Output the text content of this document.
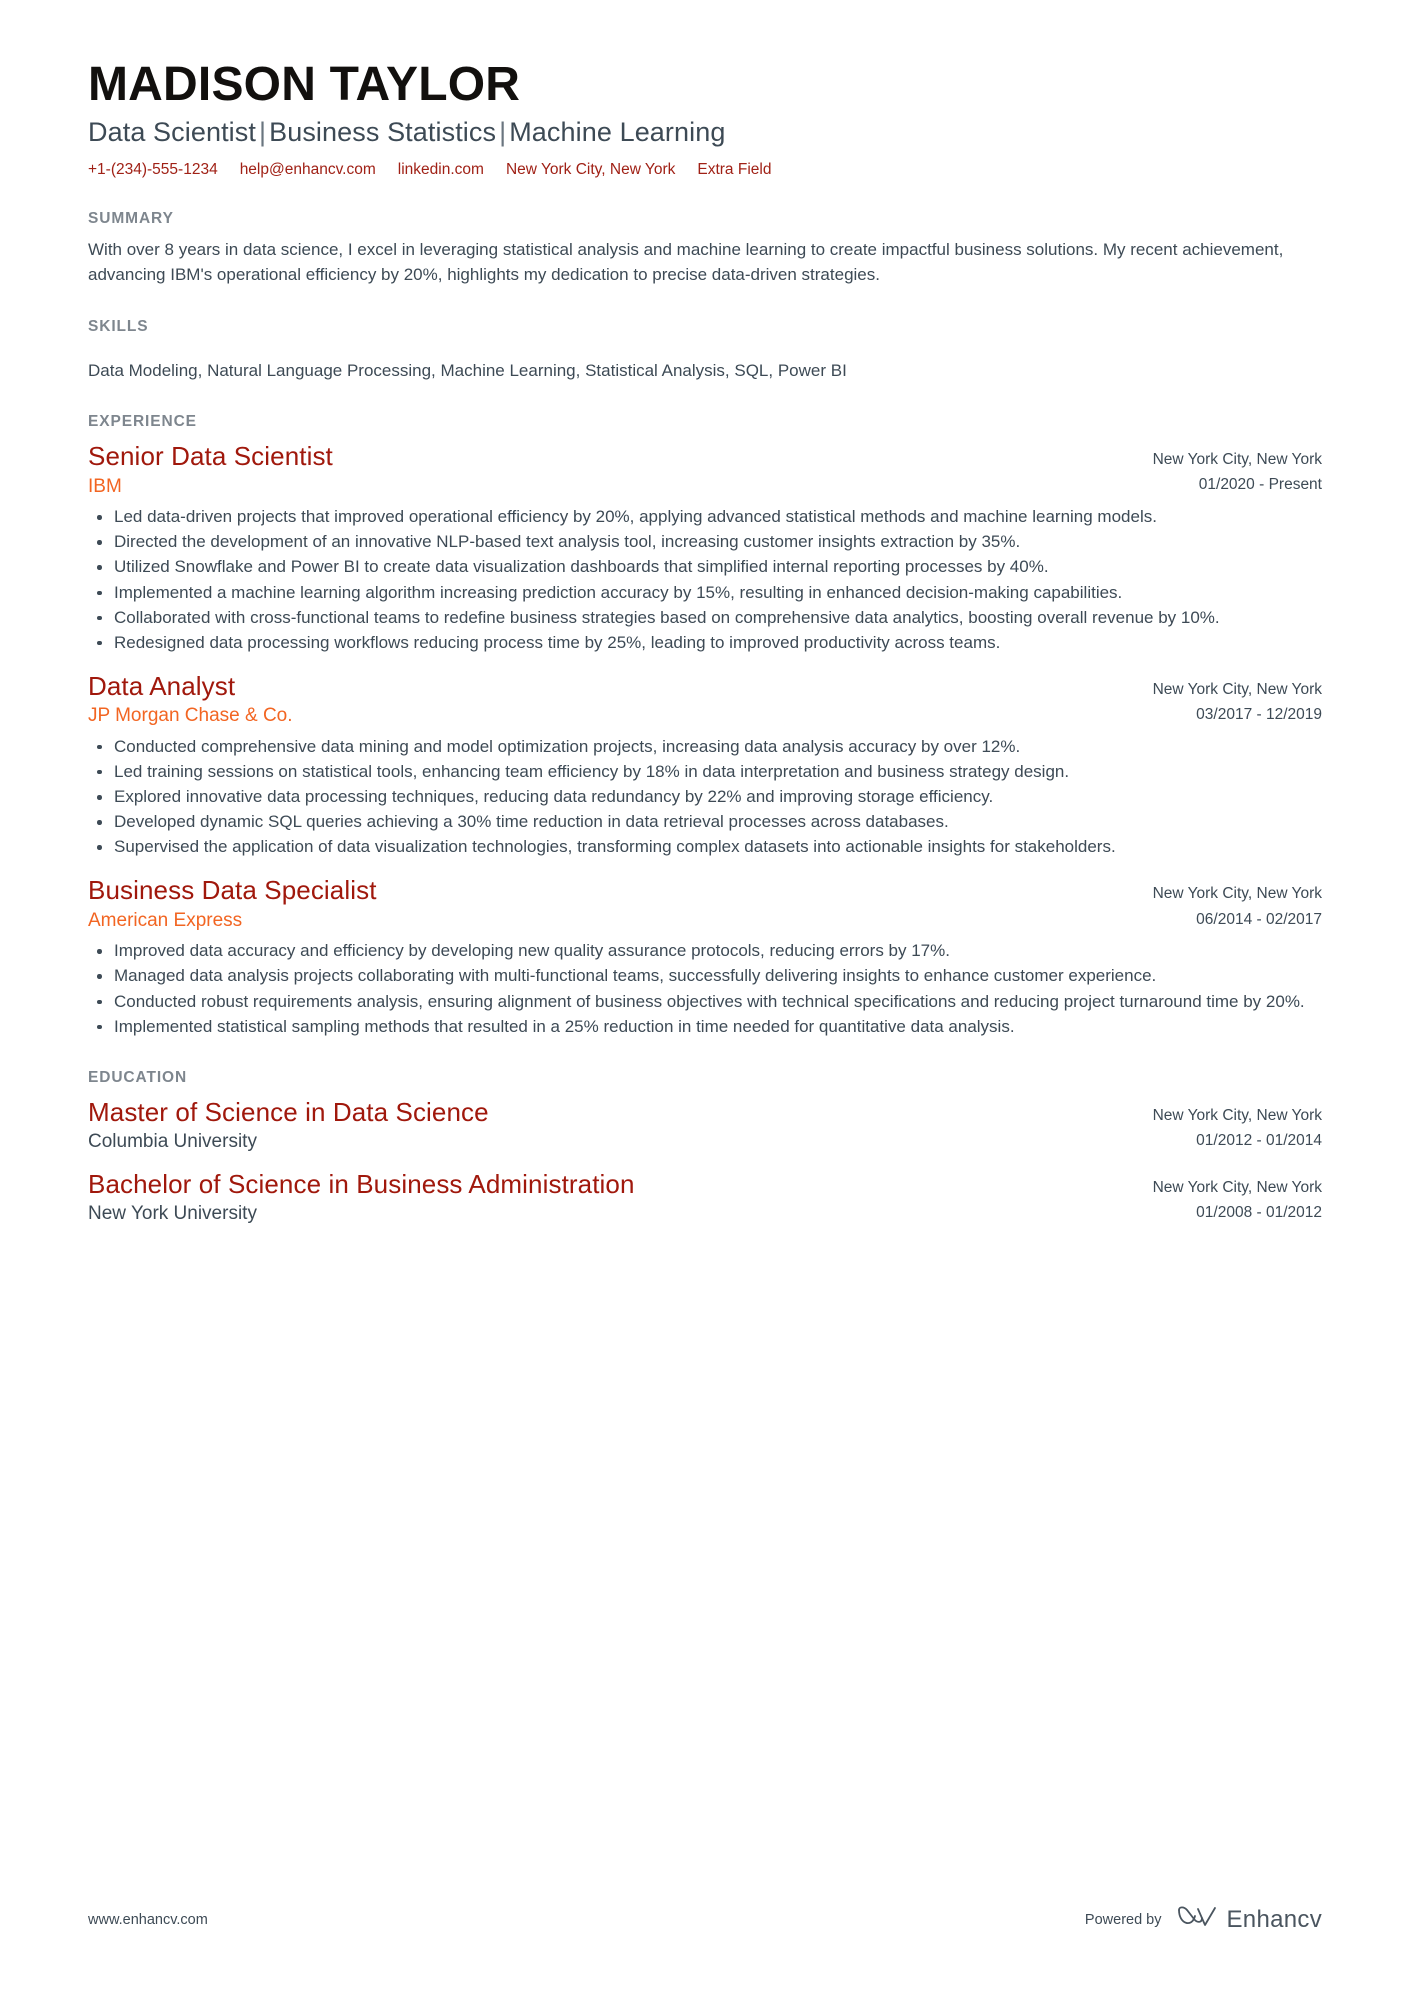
MADISON TAYLOR
Data Scientist | Business Statistics | Machine Learning
+1-(234)-555-1234 help@enhancv.com linkedin.com New York City, New York Extra Field
SUMMARY

With over 8 years in data science, I excel in leveraging statistical analysis and machine learning to create impactful business solutions. My recent achievement, advancing IBM's operational efficiency by 20%, highlights my dedication to precise data-driven strategies.

SKILLS

Data Modeling, Natural Language Processing, Machine Learning, Statistical Analysis, SQL, Power BI

EXPERIENCE
Senior Data Scientist
IBM
New York City, New York
01/2020 - Present
Led data-driven projects that improved operational efficiency by 20%, applying advanced statistical methods and machine learning models.
Directed the development of an innovative NLP-based text analysis tool, increasing customer insights extraction by 35%.
Utilized Snowflake and Power BI to create data visualization dashboards that simplified internal reporting processes by 40%.
Implemented a machine learning algorithm increasing prediction accuracy by 15%, resulting in enhanced decision-making capabilities.
Collaborated with cross-functional teams to redefine business strategies based on comprehensive data analytics, boosting overall revenue by 10%.
Redesigned data processing workflows reducing process time by 25%, leading to improved productivity across teams.
Data Analyst
JP Morgan Chase & Co.
New York City, New York
03/2017 - 12/2019
Conducted comprehensive data mining and model optimization projects, increasing data analysis accuracy by over 12%.
Led training sessions on statistical tools, enhancing team efficiency by 18% in data interpretation and business strategy design.
Explored innovative data processing techniques, reducing data redundancy by 22% and improving storage efficiency.
Developed dynamic SQL queries achieving a 30% time reduction in data retrieval processes across databases.
Supervised the application of data visualization technologies, transforming complex datasets into actionable insights for stakeholders.
Business Data Specialist
American Express
New York City, New York
06/2014 - 02/2017
Improved data accuracy and efficiency by developing new quality assurance protocols, reducing errors by 17%.
Managed data analysis projects collaborating with multi-functional teams, successfully delivering insights to enhance customer experience.
Conducted robust requirements analysis, ensuring alignment of business objectives with technical specifications and reducing project turnaround time by 20%.
Implemented statistical sampling methods that resulted in a 25% reduction in time needed for quantitative data analysis.
EDUCATION
Master of Science in Data Science
Columbia University
New York City, New York
01/2012 - 01/2014
Bachelor of Science in Business Administration
New York University
New York City, New York
01/2008 - 01/2012
www.enhancv.com	Powered by	Enhancv
